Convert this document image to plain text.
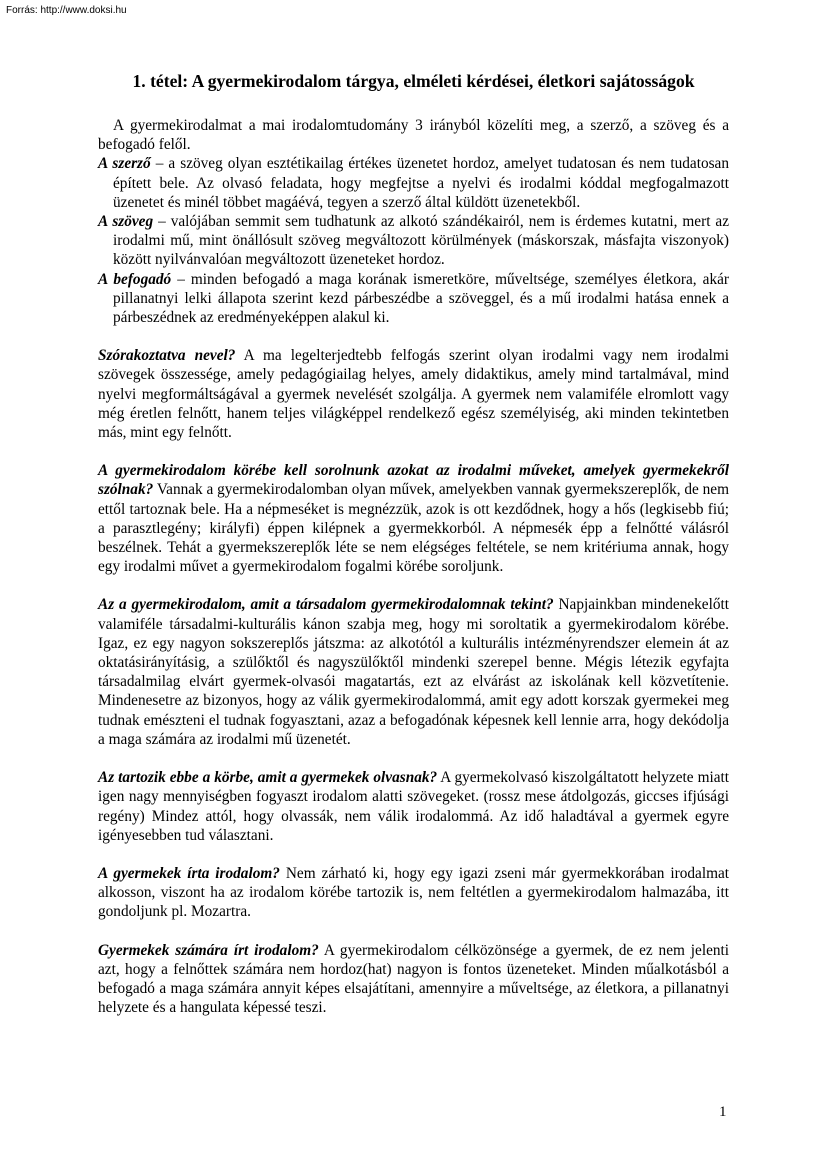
Forrás: http://www.doksi.hu
1. tétel: A gyermekirodalom tárgya, elméleti kérdései, életkori sajátosságok

A gyermekirodalmat a mai irodalomtudomány 3 irányból közelíti meg, a szerző, a szöveg és a befogadó felől.

A szerző – a szöveg olyan esztétikailag értékes üzenetet hordoz, amelyet tudatosan és nem tudatosan épített bele. Az olvasó feladata, hogy megfejtse a nyelvi és irodalmi kóddal megfogalmazott üzenetet és minél többet magáévá, tegyen a szerző által küldött üzenetekből.

A szöveg – valójában semmit sem tudhatunk az alkotó szándékairól, nem is érdemes kutatni, mert az irodalmi mű, mint önállósult szöveg megváltozott körülmények (máskorszak, másfajta viszonyok) között nyilvánvalóan megváltozott üzeneteket hordoz.

A befogadó – minden befogadó a maga korának ismeretköre, műveltsége, személyes életkora, akár pillanatnyi lelki állapota szerint kezd párbeszédbe a szöveggel, és a mű irodalmi hatása ennek a párbeszédnek az eredményeképpen alakul ki.

Szórakoztatva nevel? A ma legelterjedtebb felfogás szerint olyan irodalmi vagy nem irodalmi szövegek összessége, amely pedagógiailag helyes, amely didaktikus, amely mind tartalmával, mind nyelvi megformáltságával a gyermek nevelését szolgálja. A gyermek nem valamiféle elromlott vagy még éretlen felnőtt, hanem teljes világképpel rendelkező egész személyiség, aki minden tekintetben más, mint egy felnőtt.

A gyermekirodalom körébe kell sorolnunk azokat az irodalmi műveket, amelyek gyermekekről szólnak? Vannak a gyermekirodalomban olyan művek, amelyekben vannak gyermekszereplők, de nem ettől tartoznak bele. Ha a népmeséket is megnézzük, azok is ott kezdődnek, hogy a hős (legkisebb fiú; a parasztlegény; királyfi) éppen kilépnek a gyermekkorból. A népmesék épp a felnőtté válásról beszélnek. Tehát a gyermekszereplők léte se nem elégséges feltétele, se nem kritériuma annak, hogy egy irodalmi művet a gyermekirodalom fogalmi körébe soroljunk.

Az a gyermekirodalom, amit a társadalom gyermekirodalomnak tekint? Napjainkban mindenekelőtt valamiféle társadalmi-kulturális kánon szabja meg, hogy mi soroltatik a gyermekirodalom körébe. Igaz, ez egy nagyon sokszereplős játszma: az alkotótól a kulturális intézményrendszer elemein át az oktatásirányításig, a szülőktől és nagyszülőktől mindenki szerepel benne. Mégis létezik egyfajta társadalmilag elvárt gyermek-olvasói magatartás, ezt az elvárást az iskolának kell közvetítenie. Mindenesetre az bizonyos, hogy az válik gyermekirodalommá, amit egy adott korszak gyermekei meg tudnak emészteni el tudnak fogyasztani, azaz a befogadónak képesnek kell lennie arra, hogy dekódolja a maga számára az irodalmi mű üzenetét.

Az tartozik ebbe a körbe, amit a gyermekek olvasnak? A gyermekolvasó kiszolgáltatott helyzete miatt igen nagy mennyiségben fogyaszt irodalom alatti szövegeket. (rossz mese átdolgozás, giccses ifjúsági regény) Mindez attól, hogy olvassák, nem válik irodalommá. Az idő haladtával a gyermek egyre igényesebben tud választani.

A gyermekek írta irodalom? Nem zárható ki, hogy egy igazi zseni már gyermekkorában irodalmat alkosson, viszont ha az irodalom körébe tartozik is, nem feltétlen a gyermekirodalom halmazába, itt gondoljunk pl. Mozartra.

Gyermekek számára írt irodalom? A gyermekirodalom célközönsége a gyermek, de ez nem jelenti azt, hogy a felnőttek számára nem hordoz(hat) nagyon is fontos üzeneteket. Minden műalkotásból a befogadó a maga számára annyit képes elsajátítani, amennyire a műveltsége, az életkora, a pillanatnyi helyzete és a hangulata képessé teszi.

1
